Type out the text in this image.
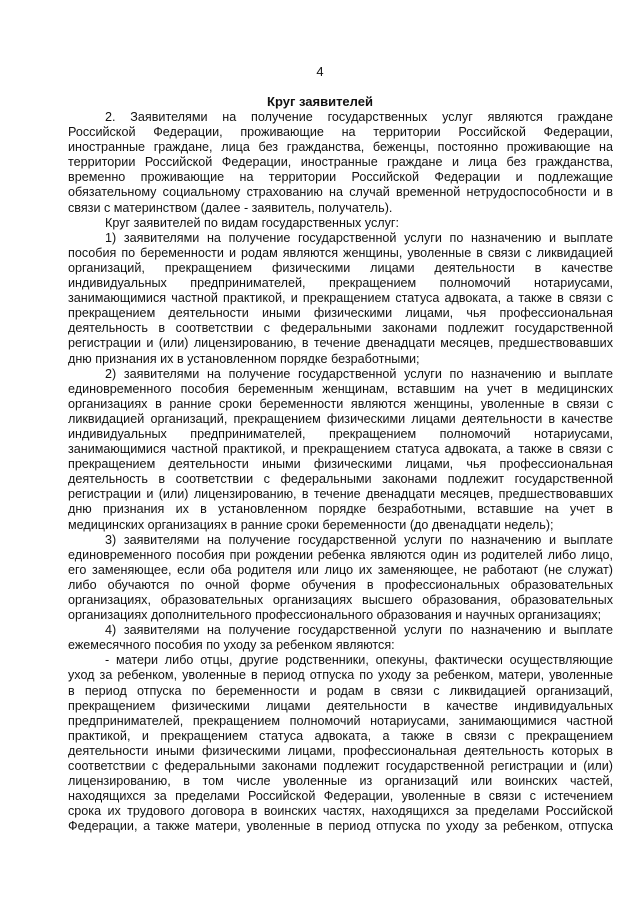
4
Круг заявителей
2. Заявителями на получение государственных услуг являются граждане
Российской Федерации, проживающие на территории Российской Федерации,
иностранные граждане, лица без гражданства, беженцы, постоянно проживающие на
территории Российской Федерации, иностранные граждане и лица без гражданства,
временно проживающие на территории Российской Федерации и подлежащие
обязательному социальному страхованию на случай временной нетрудоспособности и в
связи с материнством (далее - заявитель, получатель).
Круг заявителей по видам государственных услуг:
1) заявителями на получение государственной услуги по назначению и выплате
пособия по беременности и родам являются женщины, уволенные в связи с ликвидацией
организаций, прекращением физическими лицами деятельности в качестве
индивидуальных предпринимателей, прекращением полномочий нотариусами,
занимающимися частной практикой, и прекращением статуса адвоката, а также в связи с
прекращением деятельности иными физическими лицами, чья профессиональная
деятельность в соответствии с федеральными законами подлежит государственной
регистрации и (или) лицензированию, в течение двенадцати месяцев, предшествовавших
дню признания их в установленном порядке безработными;
2) заявителями на получение государственной услуги по назначению и выплате
единовременного пособия беременным женщинам, вставшим на учет в медицинских
организациях в ранние сроки беременности являются женщины, уволенные в связи с
ликвидацией организаций, прекращением физическими лицами деятельности в качестве
индивидуальных предпринимателей, прекращением полномочий нотариусами,
занимающимися частной практикой, и прекращением статуса адвоката, а также в связи с
прекращением деятельности иными физическими лицами, чья профессиональная
деятельность в соответствии с федеральными законами подлежит государственной
регистрации и (или) лицензированию, в течение двенадцати месяцев, предшествовавших
дню признания их в установленном порядке безработными, вставшие на учет в
медицинских организациях в ранние сроки беременности (до двенадцати недель);
3) заявителями на получение государственной услуги по назначению и выплате
единовременного пособия при рождении ребенка являются один из родителей либо лицо,
его заменяющее, если оба родителя или лицо их заменяющее, не работают (не служат)
либо обучаются по очной форме обучения в профессиональных образовательных
организациях, образовательных организациях высшего образования, образовательных
организациях дополнительного профессионального образования и научных организациях;
4) заявителями на получение государственной услуги по назначению и выплате
ежемесячного пособия по уходу за ребенком являются:
- матери либо отцы, другие родственники, опекуны, фактически осуществляющие
уход за ребенком, уволенные в период отпуска по уходу за ребенком, матери, уволенные
в период отпуска по беременности и родам в связи с ликвидацией организаций,
прекращением физическими лицами деятельности в качестве индивидуальных
предпринимателей, прекращением полномочий нотариусами, занимающимися частной
практикой, и прекращением статуса адвоката, а также в связи с прекращением
деятельности иными физическими лицами, профессиональная деятельность которых в
соответствии с федеральными законами подлежит государственной регистрации и (или)
лицензированию, в том числе уволенные из организаций или воинских частей,
находящихся за пределами Российской Федерации, уволенные в связи с истечением
срока их трудового договора в воинских частях, находящихся за пределами Российской
Федерации, а также матери, уволенные в период отпуска по уходу за ребенком, отпуска
